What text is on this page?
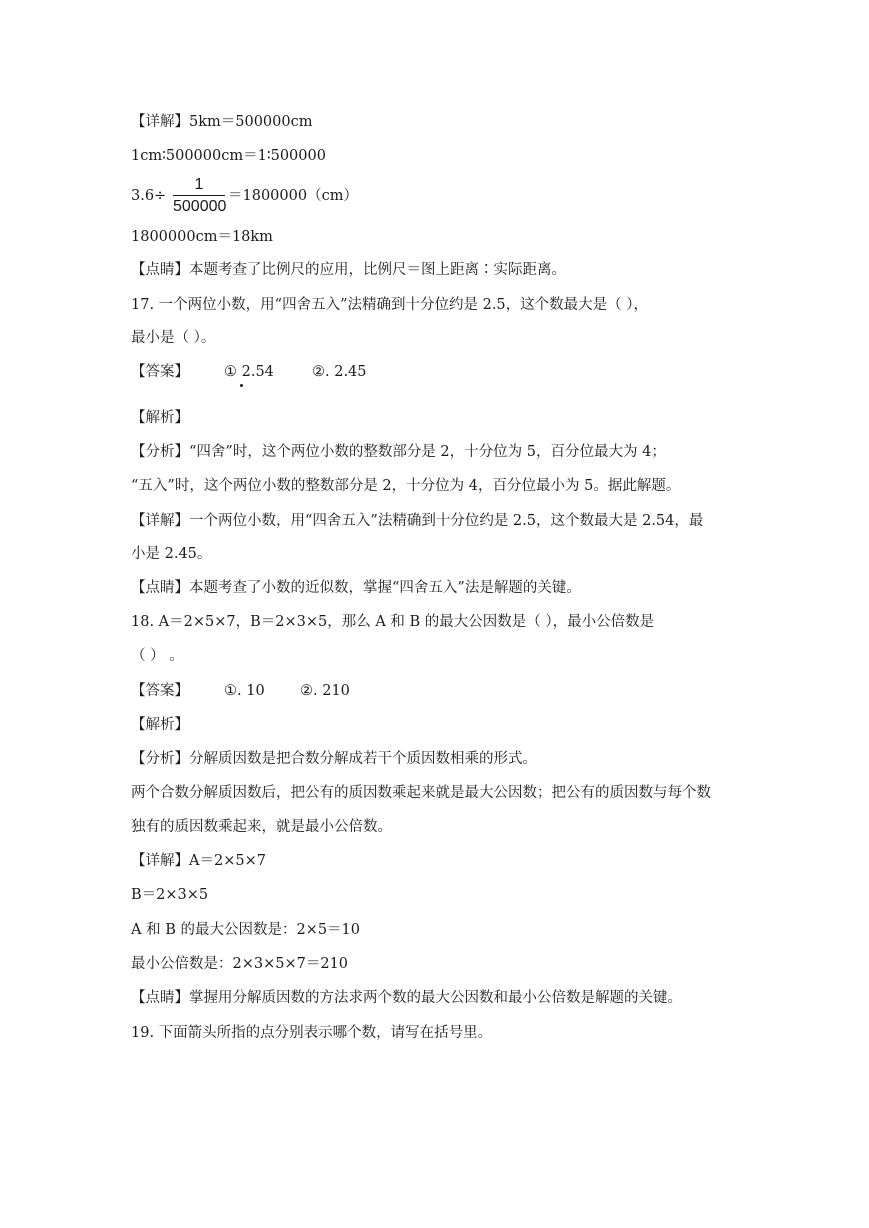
【详解】5km＝500000cm
1cm∶500000cm＝1∶500000
3.6÷
1
500000
＝1800000（cm）
1800000cm＝18km
【点睛】本题考查了比例尺的应用，比例尺＝图上距离∶实际距离。
17. 一个两位小数，用“四舍五入”法精确到十分位约是 2.5，这个数最大是（ ），
最小是（ ）。
【答案】 ① 2.54	②. 2.45
【解析】
【分析】“四舍”时，这个两位小数的整数部分是 2，十分位为 5，百分位最大为 4；
“五入”时，这个两位小数的整数部分是 2，十分位为 4，百分位最小为 5。据此解题。
【详解】一个两位小数，用“四舍五入”法精确到十分位约是 2.5，这个数最大是 2.54，最
小是 2.45。
【点睛】本题考查了小数的近似数，掌握“四舍五入”法是解题的关键。
18. A＝2×5×7，B＝2×3×5，那么 A 和 B 的最大公因数是（ ），最小公倍数是
（ ） 。
【答案】 ①. 10 ②. 210
【解析】
【分析】分解质因数是把合数分解成若干个质因数相乘的形式。
两个合数分解质因数后，把公有的质因数乘起来就是最大公因数；把公有的质因数与每个数
独有的质因数乘起来，就是最小公倍数。
【详解】A＝2×5×7
B＝2×3×5
A 和 B 的最大公因数是：2×5＝10
最小公倍数是：2×3×5×7＝210
【点睛】掌握用分解质因数的方法求两个数的最大公因数和最小公倍数是解题的关键。
19. 下面箭头所指的点分别表示哪个数，请写在括号里。
